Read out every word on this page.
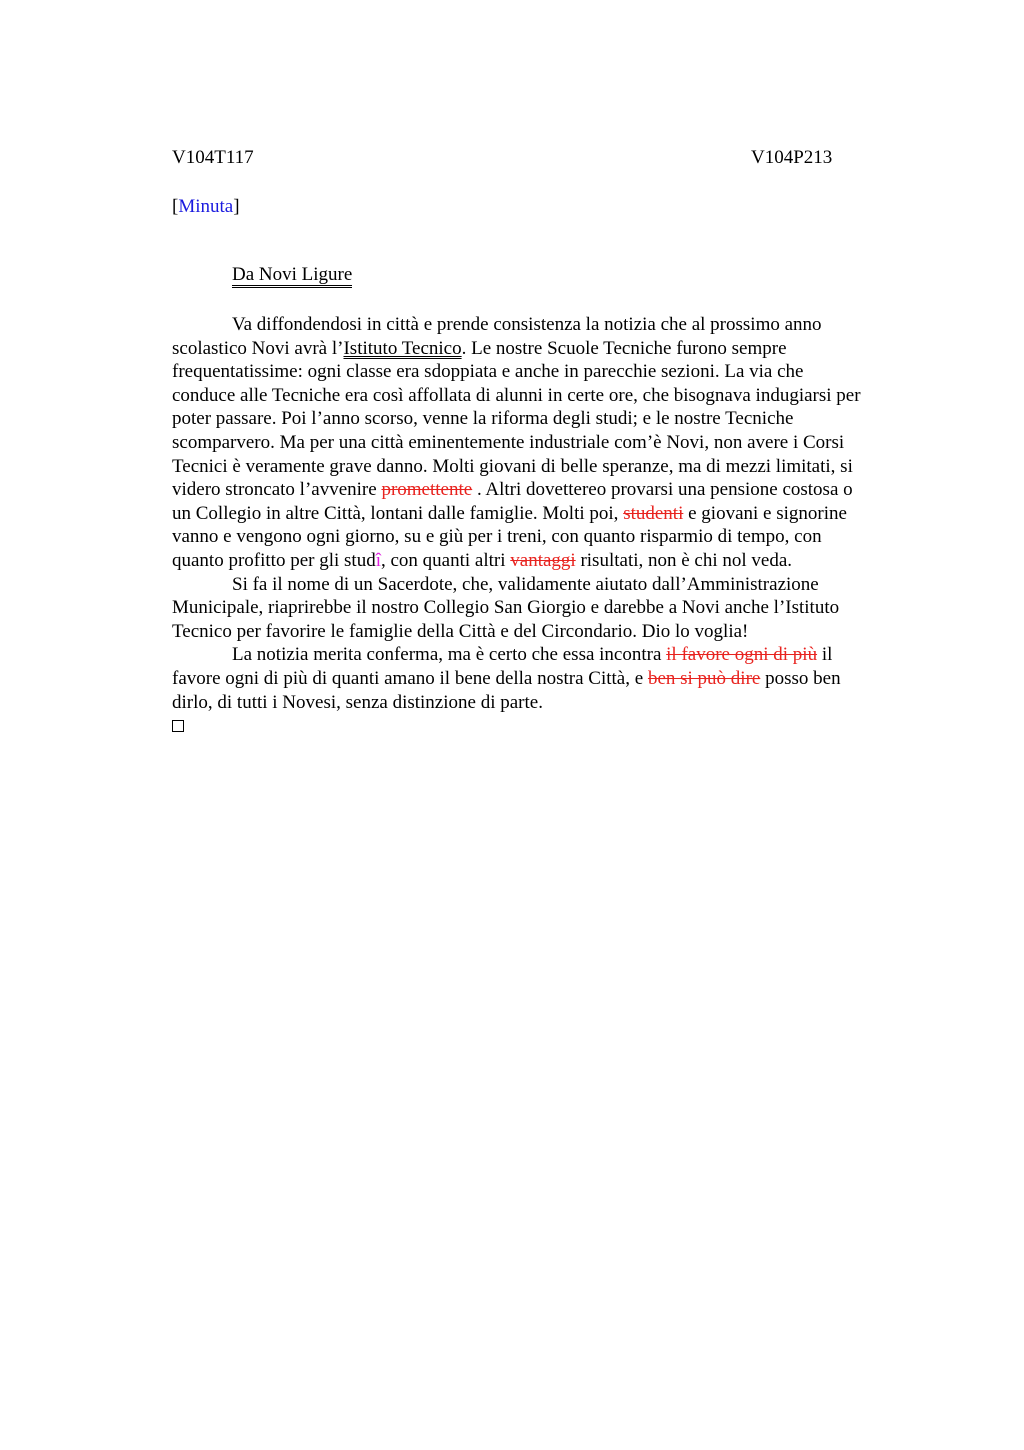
V104T117	V104P213
[Minuta]
Da Novi Ligure
Va diffondendosi in città e prende consistenza la notizia che al prossimo anno
scolastico Novi avrà l’Istituto Tecnico. Le nostre Scuole Tecniche furono sempre
frequentatissime: ogni classe era sdoppiata e anche in parecchie sezioni. La via che
conduce alle Tecniche era così affollata di alunni in certe ore, che bisognava indugiarsi per
poter passare. Poi l’anno scorso, venne la riforma degli studi; e le nostre Tecniche
scomparvero. Ma per una città eminentemente industriale com’è Novi, non avere i Corsi
Tecnici è veramente grave danno. Molti giovani di belle speranze, ma di mezzi limitati, si
videro stroncato l’avvenire promettente . Altri dovettereo provarsi una pensione costosa o
un Collegio in altre Città, lontani dalle famiglie. Molti poi, studenti e giovani e signorine
vanno e vengono ogni giorno, su e giù per i treni, con quanto risparmio di tempo, con
quanto profitto per gli studî, con quanti altri vantaggi risultati, non è chi nol veda.
Si fa il nome di un Sacerdote, che, validamente aiutato dall’Amministrazione
Municipale, riaprirebbe il nostro Collegio San Giorgio e darebbe a Novi anche l’Istituto
Tecnico per favorire le famiglie della Città e del Circondario. Dio lo voglia!
La notizia merita conferma, ma è certo che essa incontra il favore ogni di più il
favore ogni di più di quanti amano il bene della nostra Città, e ben si può dire posso ben
dirlo, di tutti i Novesi, senza distinzione di parte.
